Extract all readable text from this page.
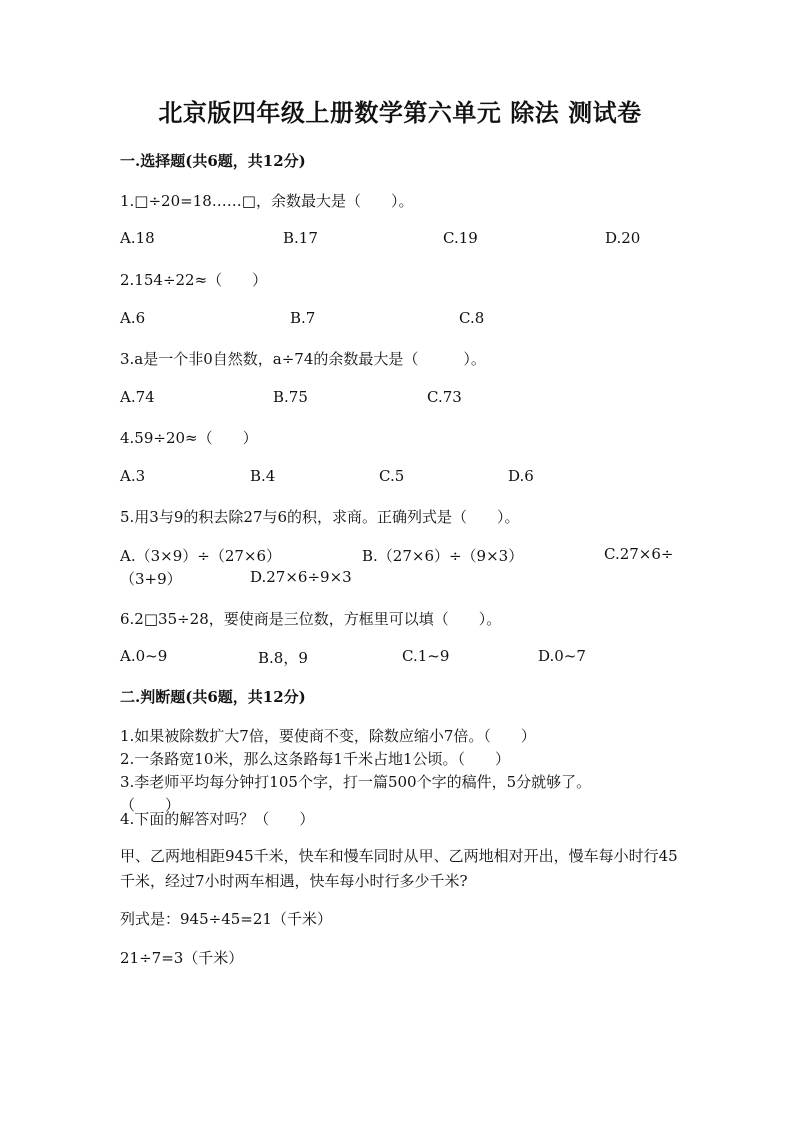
北京版四年级上册数学第六单元 除法 测试卷
一.选择题(共6题，共12分)
1.□÷20=18……□，余数最大是（　　）。
A.18	B.17	C.19	D.20
2.154÷22≈（　　）
A.6	B.7	C.8
3.a是一个非0自然数，a÷74的余数最大是（　　　）。
A.74	B.75	C.73
4.59÷20≈（　　）
A.3	B.4	C.5	D.6
5.用3与9的积去除27与6的积，求商。正确列式是（　　）。
A.（3×9）÷（27×6）	B.（27×6）÷（9×3）	C.27×6÷
（3+9）	D.27×6÷9×3
6.2□35÷28，要使商是三位数，方框里可以填（　　）。
A.0~9	B.8，9	C.1~9	D.0~7
二.判断题(共6题，共12分)
1.如果被除数扩大7倍，要使商不变，除数应缩小7倍。（　　）
2.一条路宽10米，那么这条路每1千米占地1公顷。（　　）
3.李老师平均每分钟打105个字，打一篇500个字的稿件，5分就够了。
（　　）
4.下面的解答对吗？（　　）
甲、乙两地相距945千米，快车和慢车同时从甲、乙两地相对开出，慢车每小时行45千米，经过7小时两车相遇，快车每小时行多少千米?
列式是：945÷45=21（千米）
21÷7=3（千米）
